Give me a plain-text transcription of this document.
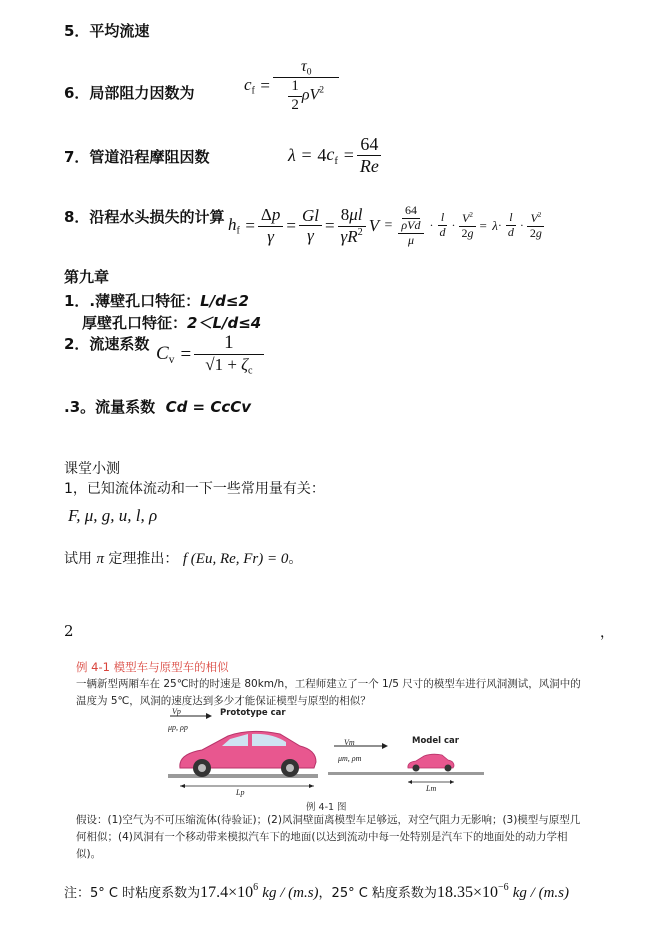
5．平均流速
6．局部阻力因数为	$c_f$
= $\frac{\tau_0}{\frac{1}{2} \rho V^2}$
7．管道沿程摩阻因数	λ
=
4 $c_f$
= $\frac{64}{Re}$
8．沿程水头损失的计算 $h_f$
= $\frac{\Delta p}{\gamma} = \frac{Gl}{\gamma} = \frac{8\mu l}{\gamma R^2}$ V
= $\frac{64}{\frac{\text{ρVd}}{\mu}} \cdot \frac{l}{d} \cdot \frac{V^2}{2g}$ =
$\lambda \cdot \frac{l}{d} \cdot \frac{V^2}{2g}$
第九章
1．.薄壁孔口特征：L/d≤2
厚壁孔口特征：2＜L/d≤4
2．流速系数 $C_v$
= $\frac{1}{√1 + \zeta_c}$
.3。流量系数 Cd = CcCv
课堂小测
1，已知流体流动和一下一些常用量有关：
F, μ, g, u, l, ρ
试用 π 定理推出： f (Eu, Re, Fr) = 0。
2	，
例 4-1 模型车与原型车的相似
一辆新型两厢车在 25℃时的时速是 80km/h，工程师建立了一个 1/5 尺寸的模型车进行风洞测试，风洞中的温度为 5℃，风洞的速度达到多少才能保证模型与原型的相似？
Prototype car
Model car
Vp
μp, ρp
Lp
Vm
μm, ρm
Lm
例 4-1 图
假设：(1)空气为不可压缩流体(待验证)；(2)风洞壁面离模型车足够远，对空气阻力无影响；(3)模型与原型几何相似；(4)风洞有一个移动带来模拟汽车下的地面(以达到流动中每一处特别是汽车下的地面处的动力学相似)。
注：5° C 时粘度系数为$17.4\times 10^6$ kg / (m.s)，25° C 粘度系数为$18.35\times 10^{-6}$ kg / (m.s)
